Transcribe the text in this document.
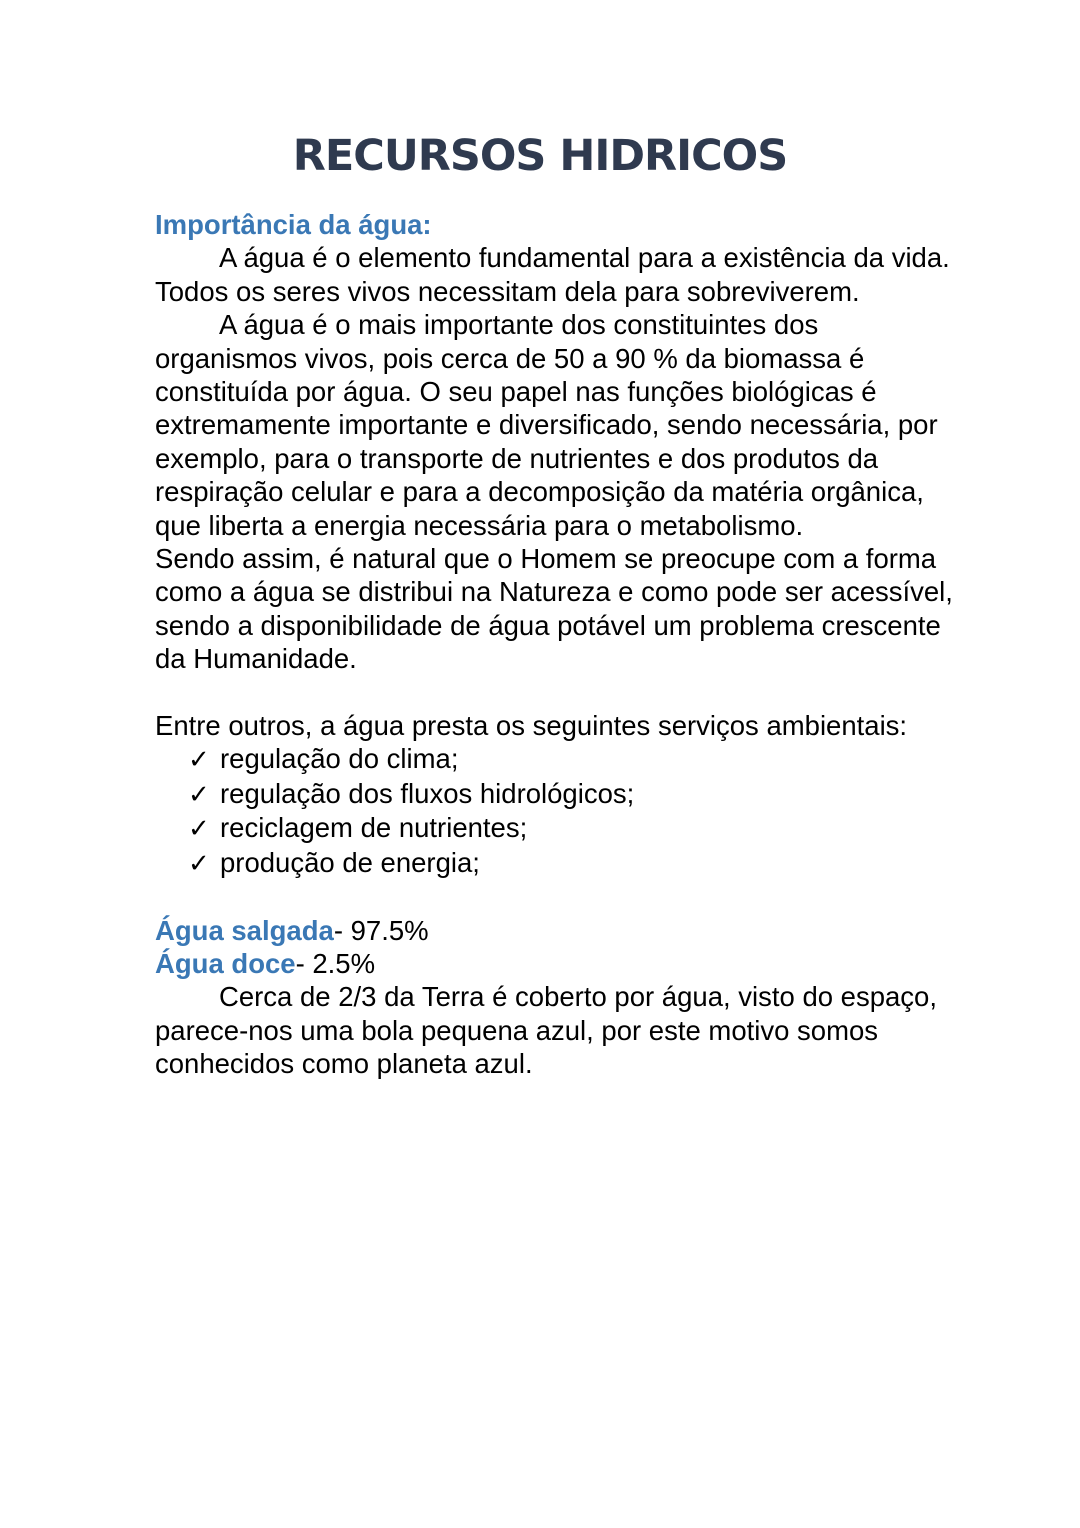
RECURSOS HIDRICOS

Importância da água:

A água é o elemento fundamental para a existência da vida. Todos os seres vivos necessitam dela para sobreviverem.

A água é o mais importante dos constituintes dos organismos vivos, pois cerca de 50 a 90 % da biomassa é constituída por água. O seu papel nas funções biológicas é extremamente importante e diversificado, sendo necessária, por exemplo, para o transporte de nutrientes e dos produtos da respiração celular e para a decomposição da matéria orgânica, que liberta a energia necessária para o metabolismo.

Sendo assim, é natural que o Homem se preocupe com a forma como a água se distribui na Natureza e como pode ser acessível, sendo a disponibilidade de água potável um problema crescente da Humanidade.

Entre outros, a água presta os seguintes serviços ambientais:

✓ regulação do clima;
✓ regulação dos fluxos hidrológicos;
✓ reciclagem de nutrientes;
✓ produção de energia;

Água salgada- 97.5%

Água doce- 2.5%

Cerca de 2/3 da Terra é coberto por água, visto do espaço, parece-nos uma bola pequena azul, por este motivo somos conhecidos como planeta azul.
